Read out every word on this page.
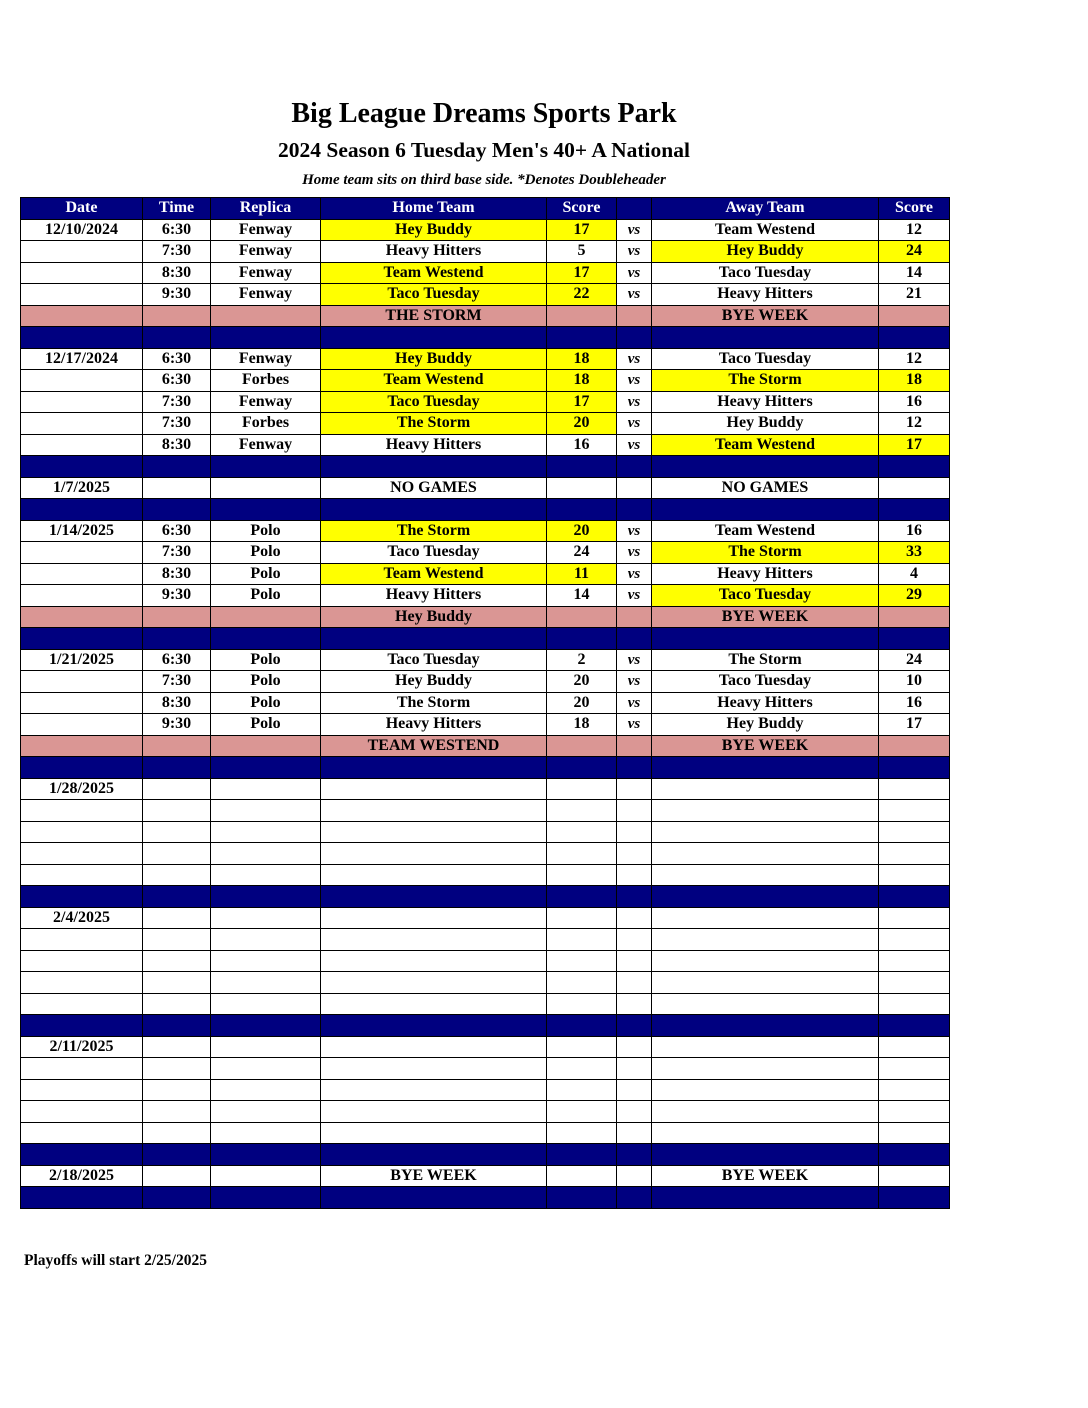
Big League Dreams Sports Park
2024 Season 6 Tuesday Men's 40+ A National
Home team sits on third base side. *Denotes Doubleheader
Date	Time	Replica	Home Team	Score		Away Team	Score
12/10/2024	6:30	Fenway	Hey Buddy	17	vs	Team Westend	12
	7:30	Fenway	Heavy Hitters	5	vs	Hey Buddy	24
	8:30	Fenway	Team Westend	17	vs	Taco Tuesday	14
	9:30	Fenway	Taco Tuesday	22	vs	Heavy Hitters	21
			THE STORM			BYE WEEK	

12/17/2024	6:30	Fenway	Hey Buddy	18	vs	Taco Tuesday	12
	6:30	Forbes	Team Westend	18	vs	The Storm	18
	7:30	Fenway	Taco Tuesday	17	vs	Heavy Hitters	16
	7:30	Forbes	The Storm	20	vs	Hey Buddy	12
	8:30	Fenway	Heavy Hitters	16	vs	Team Westend	17

1/7/2025			NO GAMES			NO GAMES	

1/14/2025	6:30	Polo	The Storm	20	vs	Team Westend	16
	7:30	Polo	Taco Tuesday	24	vs	The Storm	33
	8:30	Polo	Team Westend	11	vs	Heavy Hitters	4
	9:30	Polo	Heavy Hitters	14	vs	Taco Tuesday	29
			Hey Buddy			BYE WEEK	

1/21/2025	6:30	Polo	Taco Tuesday	2	vs	The Storm	24
	7:30	Polo	Hey Buddy	20	vs	Taco Tuesday	10
	8:30	Polo	The Storm	20	vs	Heavy Hitters	16
	9:30	Polo	Heavy Hitters	18	vs	Hey Buddy	17
			TEAM WESTEND			BYE WEEK	

1/28/2025							

2/4/2025							

2/11/2025							

2/18/2025			BYE WEEK			BYE WEEK	

Playoffs will start 2/25/2025
